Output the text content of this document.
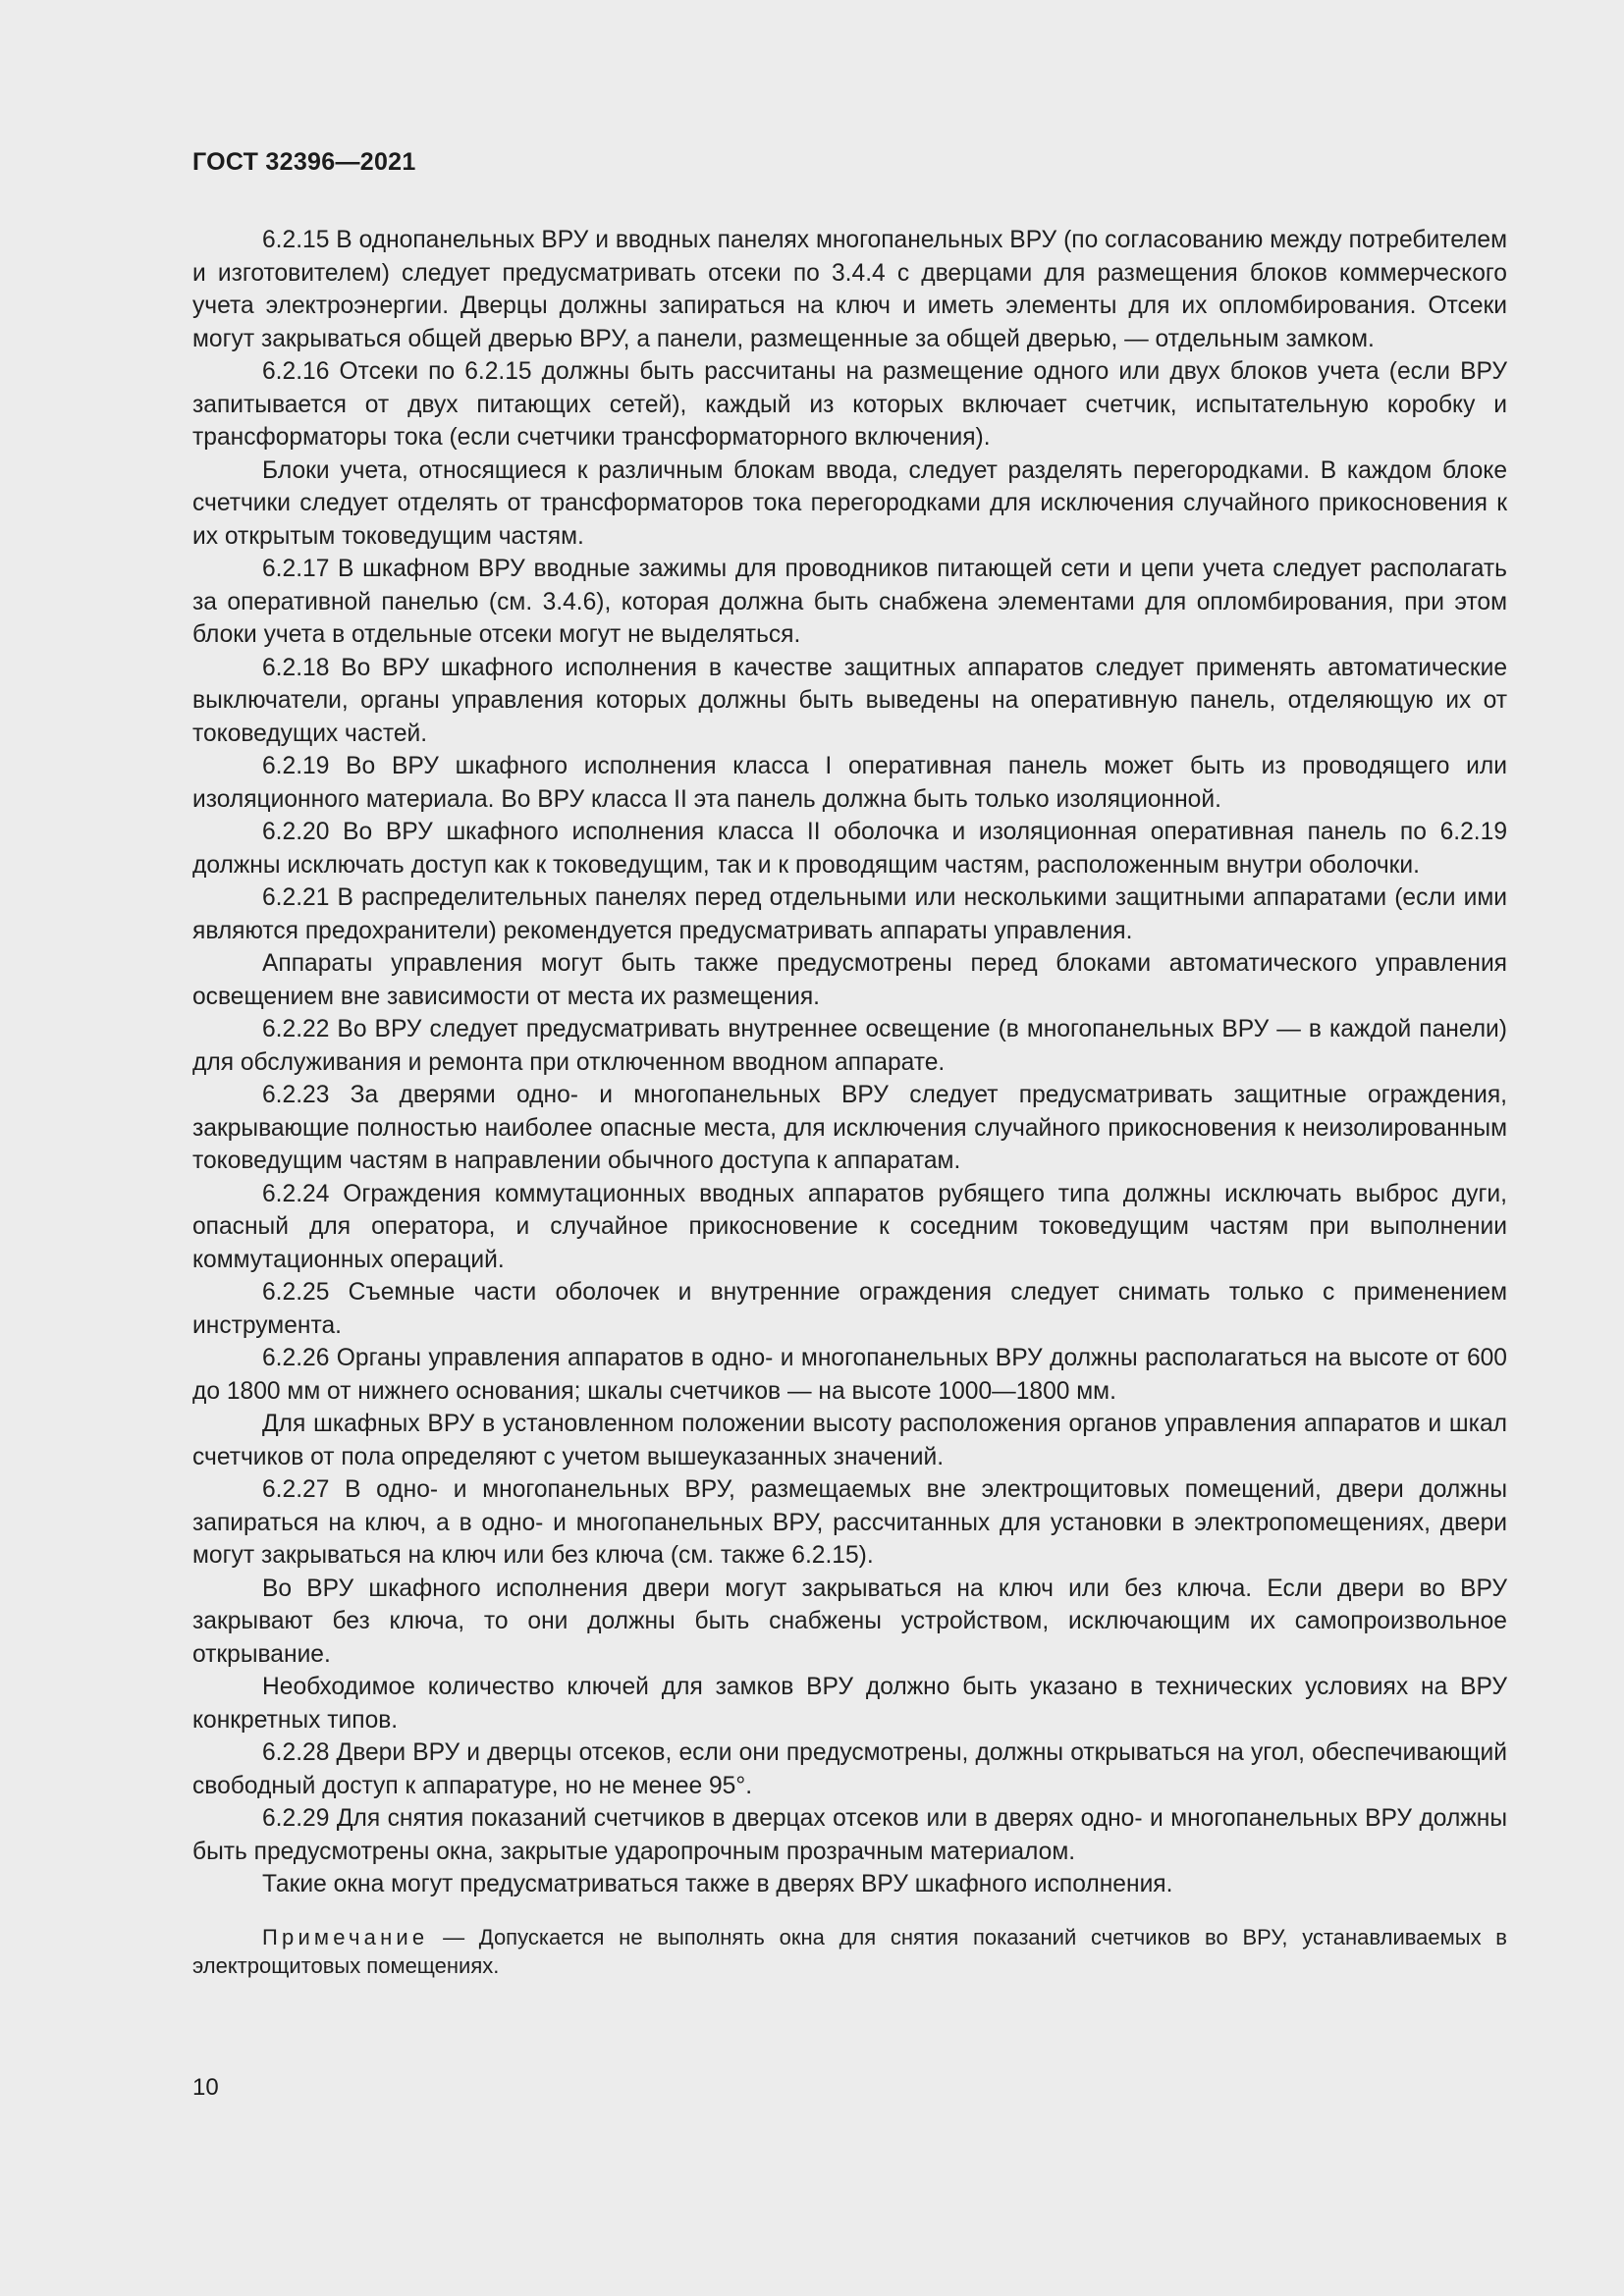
ГОСТ 32396—2021

6.2.15 В однопанельных ВРУ и вводных панелях многопанельных ВРУ (по согласованию между потребителем и изготовителем) следует предусматривать отсеки по 3.4.4 с дверцами для размещения блоков коммерческого учета электроэнергии. Дверцы должны запираться на ключ и иметь элементы для их опломбирования. Отсеки могут закрываться общей дверью ВРУ, а панели, размещенные за общей дверью, — отдельным замком.

6.2.16 Отсеки по 6.2.15 должны быть рассчитаны на размещение одного или двух блоков учета (если ВРУ запитывается от двух питающих сетей), каждый из которых включает счетчик, испытательную коробку и трансформаторы тока (если счетчики трансформаторного включения).

Блоки учета, относящиеся к различным блокам ввода, следует разделять перегородками. В каждом блоке счетчики следует отделять от трансформаторов тока перегородками для исключения случайного прикосновения к их открытым токоведущим частям.

6.2.17 В шкафном ВРУ вводные зажимы для проводников питающей сети и цепи учета следует располагать за оперативной панелью (см. 3.4.6), которая должна быть снабжена элементами для опломбирования, при этом блоки учета в отдельные отсеки могут не выделяться.

6.2.18 Во ВРУ шкафного исполнения в качестве защитных аппаратов следует применять автоматические выключатели, органы управления которых должны быть выведены на оперативную панель, отделяющую их от токоведущих частей.

6.2.19 Во ВРУ шкафного исполнения класса I оперативная панель может быть из проводящего или изоляционного материала. Во ВРУ класса II эта панель должна быть только изоляционной.

6.2.20 Во ВРУ шкафного исполнения класса II оболочка и изоляционная оперативная панель по 6.2.19 должны исключать доступ как к токоведущим, так и к проводящим частям, расположенным внутри оболочки.

6.2.21 В распределительных панелях перед отдельными или несколькими защитными аппаратами (если ими являются предохранители) рекомендуется предусматривать аппараты управления.

Аппараты управления могут быть также предусмотрены перед блоками автоматического управления освещением вне зависимости от места их размещения.

6.2.22 Во ВРУ следует предусматривать внутреннее освещение (в многопанельных ВРУ — в каждой панели) для обслуживания и ремонта при отключенном вводном аппарате.

6.2.23 За дверями одно- и многопанельных ВРУ следует предусматривать защитные ограждения, закрывающие полностью наиболее опасные места, для исключения случайного прикосновения к неизолированным токоведущим частям в направлении обычного доступа к аппаратам.

6.2.24 Ограждения коммутационных вводных аппаратов рубящего типа должны исключать выброс дуги, опасный для оператора, и случайное прикосновение к соседним токоведущим частям при выполнении коммутационных операций.

6.2.25 Съемные части оболочек и внутренние ограждения следует снимать только с применением инструмента.

6.2.26 Органы управления аппаратов в одно- и многопанельных ВРУ должны располагаться на высоте от 600 до 1800 мм от нижнего основания; шкалы счетчиков — на высоте 1000—1800 мм.

Для шкафных ВРУ в установленном положении высоту расположения органов управления аппаратов и шкал счетчиков от пола определяют с учетом вышеуказанных значений.

6.2.27 В одно- и многопанельных ВРУ, размещаемых вне электрощитовых помещений, двери должны запираться на ключ, а в одно- и многопанельных ВРУ, рассчитанных для установки в электропомещениях, двери могут закрываться на ключ или без ключа (см. также 6.2.15).

Во ВРУ шкафного исполнения двери могут закрываться на ключ или без ключа. Если двери во ВРУ закрывают без ключа, то они должны быть снабжены устройством, исключающим их самопроизвольное открывание.

Необходимое количество ключей для замков ВРУ должно быть указано в технических условиях на ВРУ конкретных типов.

6.2.28 Двери ВРУ и дверцы отсеков, если они предусмотрены, должны открываться на угол, обеспечивающий свободный доступ к аппаратуре, но не менее 95°.

6.2.29 Для снятия показаний счетчиков в дверцах отсеков или в дверях одно- и многопанельных ВРУ должны быть предусмотрены окна, закрытые ударопрочным прозрачным материалом.

Такие окна могут предусматриваться также в дверях ВРУ шкафного исполнения.

Примечание — Допускается не выполнять окна для снятия показаний счетчиков во ВРУ, устанавливаемых в электрощитовых помещениях.

10
